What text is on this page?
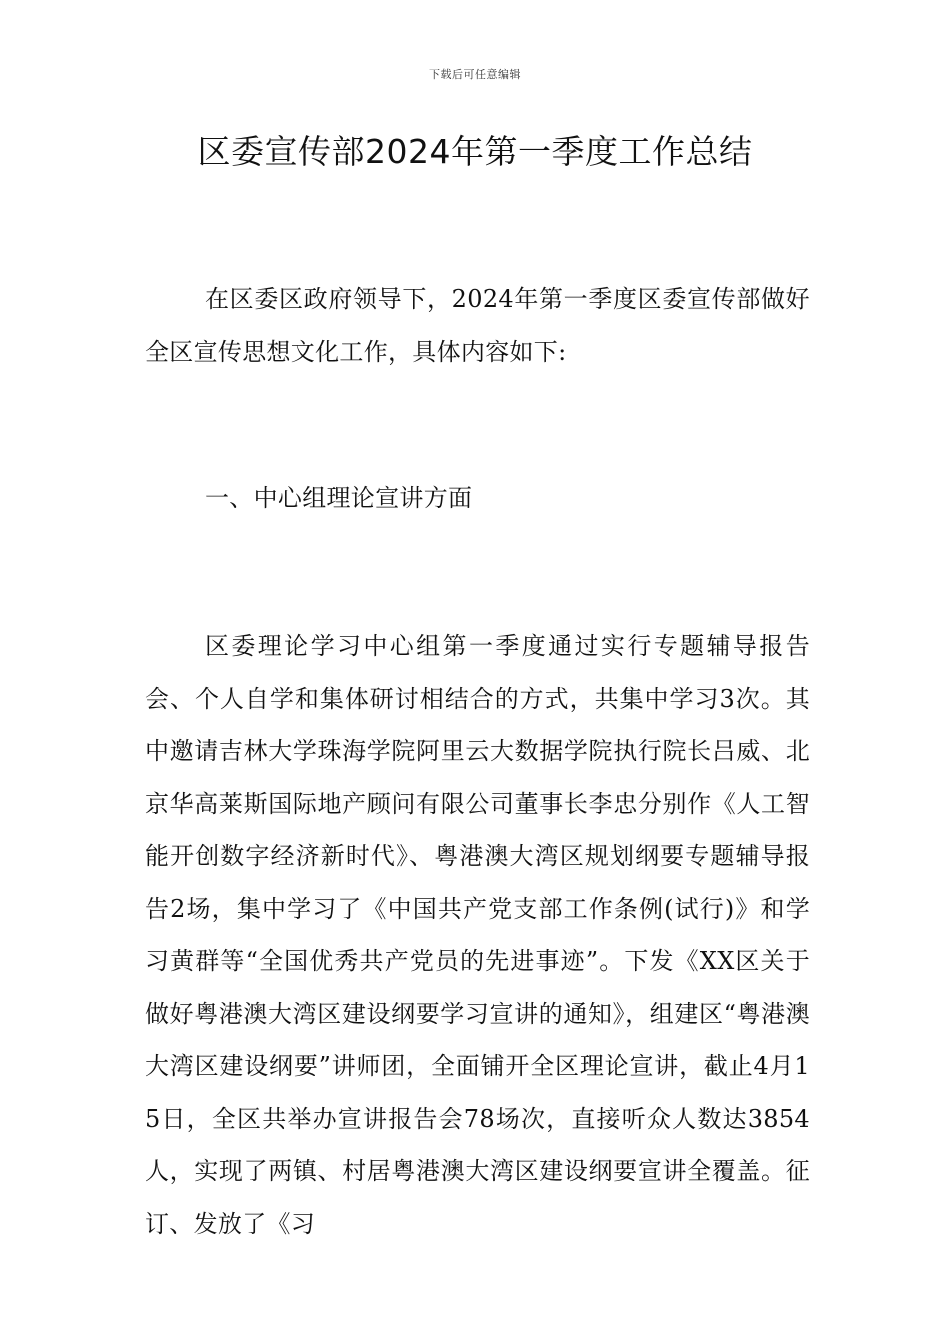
下载后可任意编辑
区委宣传部2024年第一季度工作总结

在区委区政府领导下，2024年第一季度区委宣传部做好全区宣传思想文化工作，具体内容如下:

一、中心组理论宣讲方面

区委理论学习中心组第一季度通过实行专题辅导报告会、个人自学和集体研讨相结合的方式，共集中学习3次。其中邀请吉林大学珠海学院阿里云大数据学院执行院长吕威、北京华高莱斯国际地产顾问有限公司董事长李忠分别作《人工智能开创数字经济新时代》、粤港澳大湾区规划纲要专题辅导报告2场，集中学习了《中国共产党支部工作条例(试行)》和学习黄群等“全国优秀共产党员的先进事迹”。下发《XX区关于做好粤港澳大湾区建设纲要学习宣讲的通知》，组建区“粤港澳大湾区建设纲要”讲师团，全面铺开全区理论宣讲，截止4月15日，全区共举办宣讲报告会78场次，直接听众人数达3854人，实现了两镇、村居粤港澳大湾区建设纲要宣讲全覆盖。征订、发放了《习
